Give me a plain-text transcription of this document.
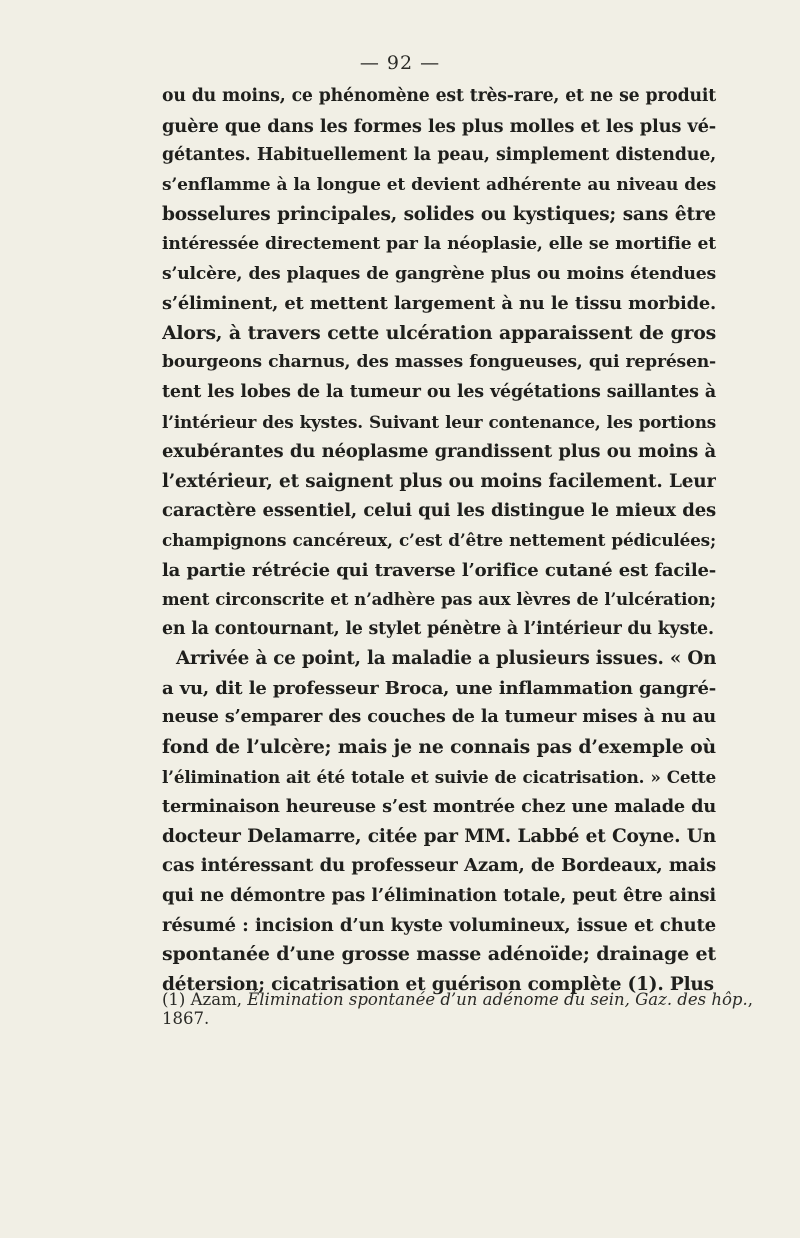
— 92 —
ou du moins, ce phénomène est très-rare, et ne se produit
guère que dans les formes les plus molles et les plus vé-
gétantes. Habituellement la peau, simplement distendue,
s’enflamme à la longue et devient adhérente au niveau des
bosselures principales, solides ou kystiques; sans être
intéressée directement par la néoplasie, elle se mortifie et
s’ulcère, des plaques de gangrène plus ou moins étendues
s’éliminent, et mettent largement à nu le tissu morbide.
Alors, à travers cette ulcération apparaissent de gros
bourgeons charnus, des masses fongueuses, qui représen-
tent les lobes de la tumeur ou les végétations saillantes à
l’intérieur des kystes. Suivant leur contenance, les portions
exubérantes du néoplasme grandissent plus ou moins à
l’extérieur, et saignent plus ou moins facilement. Leur
caractère essentiel, celui qui les distingue le mieux des
champignons cancéreux, c’est d’être nettement pédiculées;
la partie rétrécie qui traverse l’orifice cutané est facile-
ment circonscrite et n’adhère pas aux lèvres de l’ulcération;
en la contournant, le stylet pénètre à l’intérieur du kyste.
Arrivée à ce point, la maladie a plusieurs issues. « On
a vu, dit le professeur Broca, une inflammation gangré-
neuse s’emparer des couches de la tumeur mises à nu au
fond de l’ulcère; mais je ne connais pas d’exemple où
l’élimination ait été totale et suivie de cicatrisation. » Cette
terminaison heureuse s’est montrée chez une malade du
docteur Delamarre, citée par MM. Labbé et Coyne. Un
cas intéressant du professeur Azam, de Bordeaux, mais
qui ne démontre pas l’élimination totale, peut être ainsi
résumé : incision d’un kyste volumineux, issue et chute
spontanée d’une grosse masse adénoïde; drainage et
détersion; cicatrisation et guérison complète (1). Plus
(1) Azam, Élimination spontanée d’un adénome du sein, Gaz. des hôp.,
1867.
